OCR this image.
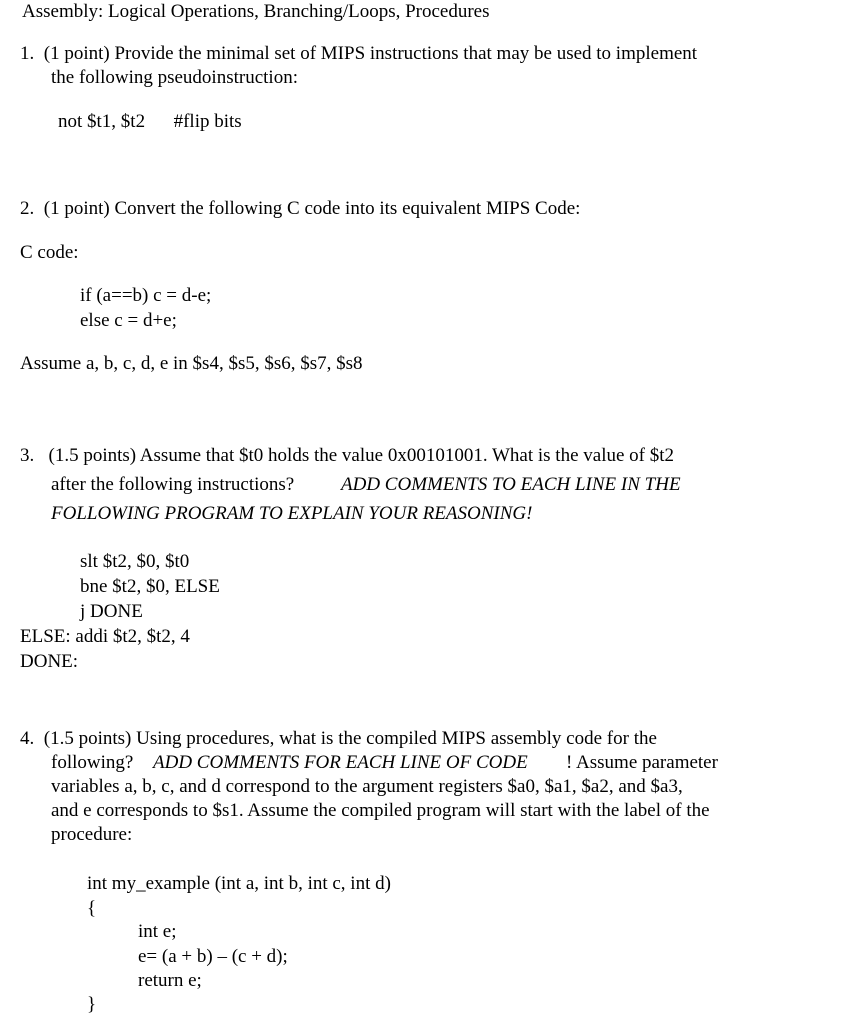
Assembly: Logical Operations, Branching/Loops, Procedures
1.  (1 point) Provide the minimal set of MIPS instructions that may be used to implement
the following pseudoinstruction:
not $t1, $t2      #flip bits
2.  (1 point) Convert the following C code into its equivalent MIPS Code:
C code:
if (a==b) c = d-e;
else c = d+e;
Assume a, b, c, d, e in $s4, $s5, $s6, $s7, $s8
3.   (1.5 points) Assume that $t0 holds the value 0x00101001. What is the value of $t2
after the following instructions? ADD COMMENTS TO EACH LINE IN THE
FOLLOWING PROGRAM TO EXPLAIN YOUR REASONING!
slt $t2, $0, $t0
bne $t2, $0, ELSE
j DONE
ELSE: addi $t2, $t2, 4
DONE:
4.  (1.5 points) Using procedures, what is the compiled MIPS assembly code for the
following? ADD COMMENTS FOR EACH LINE OF CODE ! Assume parameter
variables a, b, c, and d correspond to the argument registers $a0, $a1, $a2, and $a3,
and e corresponds to $s1. Assume the compiled program will start with the label of the
procedure:
int my_example (int a, int b, int c, int d)
{
int e;
e= (a + b) – (c + d);
return e;
}
